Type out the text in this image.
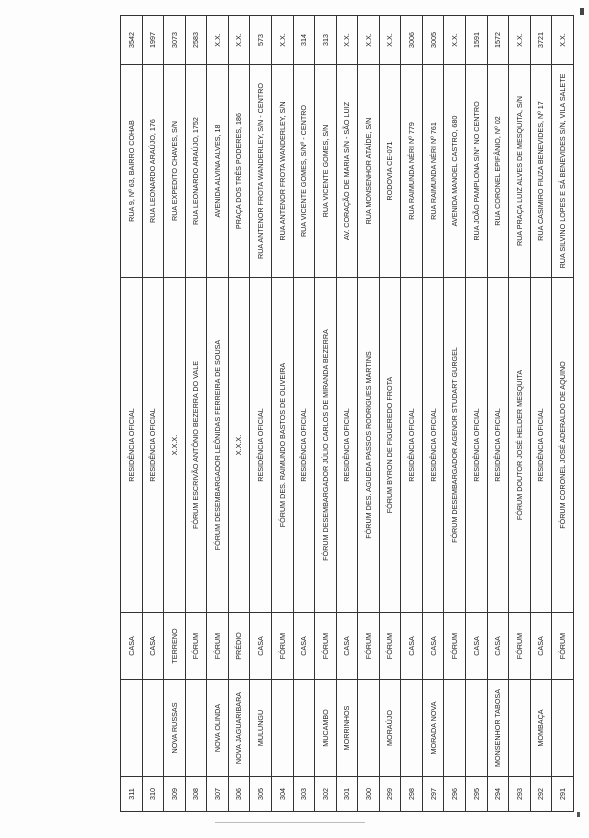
311		CASA	RESIDÊNCIA OFICIAL	RUA 9, Nº 63, BAIRRO COHAB	3542
310		CASA	RESIDÊNCIA OFICIAL	RUA LEONARDO ARAÚJO, 176	1997
309	NOVA RUSSAS	TERRENO	X.X.X.	RUA EXPEDITO CHAVES, S/N	3073
308		FÓRUM	FÓRUM ESCRIVÃO ANTÔNIO BEZERRA DO VALE	RUA LEONARDO ARAÚJO, 1752	2583
307	NOVA OLINDA	FÓRUM	FÓRUM DESEMBARGADOR LEÔNIDAS FERREIRA DE SOUSA	AVENIDA ALVINA ALVES, 18	X.X.
306	NOVA JAGUARIBARA	PRÉDIO	X.X.X.	PRAÇA DOS TRÊS PODERES, 186	X.X.
305	MULUNGU	CASA	RESIDÊNCIA OFICIAL	RUA ANTENOR FROTA WANDERLEY, S/N - CENTRO	573
304		FÓRUM	FÓRUM DES. RAIMUNDO BASTOS DE OLIVEIRA	RUA ANTENOR FROTA WANDERLEY, S/N	X.X.
303		CASA	RESIDÊNCIA OFICIAL	RUA VICENTE GOMES, S/Nº - CENTRO	314
302	MUCAMBO	FÓRUM	FÓRUM DESEMBARGADOR JÚLIO CARLOS DE MIRANDA BEZERRA	RUA VICENTE GOMES, S/N	313
301	MORRINHOS	CASA	RESIDÊNCIA OFICIAL	AV. CORAÇÃO DE MARIA S/N - SÃO LUIZ	X.X.
300		FÓRUM	FÓRUM DES. AGUEDA PASSOS RODRIGUES MARTINS	RUA MONSENHOR ATAÍDE, S/N	X.X.
299	MORAÚJO	FÓRUM	FÓRUM BYRON DE FIGUEREDO FROTA	RODOVIA CE-071	X.X.
298		CASA	RESIDÊNCIA OFICIAL	RUA RAIMUNDA NÉRI Nº 779	3006
297	MORADA NOVA	CASA	RESIDÊNCIA OFICIAL	RUA RAIMUNDA NÉRI Nº 761	3005
296		FÓRUM	FÓRUM DESEMBARGADOR AGENOR STUDART GURGEL	AVENIDA MANOEL CASTRO, 680	X.X.
295		CASA	RESIDÊNCIA OFICIAL	RUA JOÃO PAMPLONA S/N° NO CENTRO	1591
294	MONSENHOR TABOSA	CASA	RESIDÊNCIA OFICIAL	RUA CORONEL EPIFÂNIO, Nº 02	1572
293		FÓRUM	FÓRUM DOUTOR JOSÉ HELDER MESQUITA	RUA PRAÇA LUIZ ALVES DE MESQUITA, S/N	X.X.
292	MOMBAÇA	CASA	RESIDÊNCIA OFICIAL	RUA CASIMIRO FIUZA BENEVIDES, Nº 17	3721
291		FÓRUM	FÓRUM CORONEL JOSÉ ADERALDO DE AQUINO	RUA SILVINO LOPES E SÁ BENEVIDES S/N, VILA SALETE	X.X.
